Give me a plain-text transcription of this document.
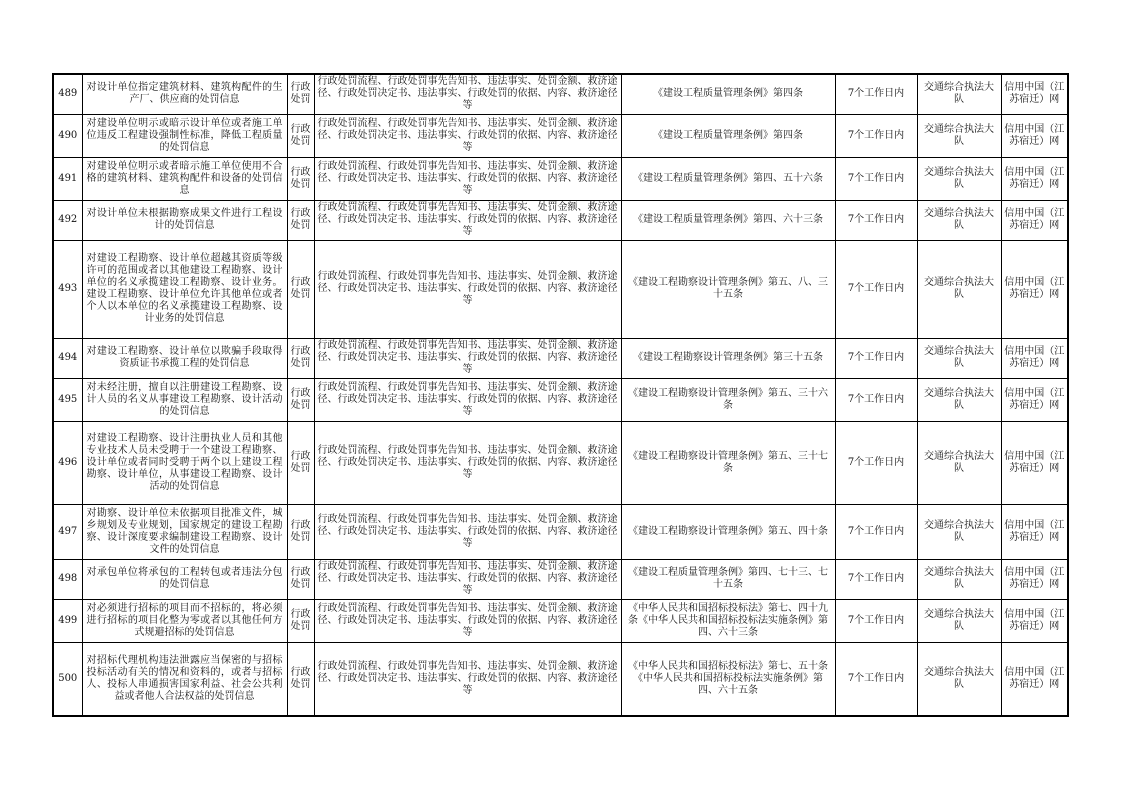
489	对设计单位指定建筑材料、建筑构配件的生产厂、供应商的处罚信息	行政处罚	行政处罚流程、行政处罚事先告知书、违法事实、处罚金额、救济途径、行政处罚决定书、违法事实、行政处罚的依据、内容、救济途径等	《建设工程质量管理条例》第四条	7个工作日内	交通综合执法大队	信用中国（江苏宿迁）网
490	对建设单位明示或暗示设计单位或者施工单位违反工程建设强制性标准，降低工程质量的处罚信息	行政处罚	行政处罚流程、行政处罚事先告知书、违法事实、处罚金额、救济途径、行政处罚决定书、违法事实、行政处罚的依据、内容、救济途径等	《建设工程质量管理条例》第四条	7个工作日内	交通综合执法大队	信用中国（江苏宿迁）网
491	对建设单位明示或者暗示施工单位使用不合格的建筑材料、建筑构配件和设备的处罚信息	行政处罚	行政处罚流程、行政处罚事先告知书、违法事实、处罚金额、救济途径、行政处罚决定书、违法事实、行政处罚的依据、内容、救济途径等	《建设工程质量管理条例》第四、五十六条	7个工作日内	交通综合执法大队	信用中国（江苏宿迁）网
492	对设计单位未根据勘察成果文件进行工程设计的处罚信息	行政处罚	行政处罚流程、行政处罚事先告知书、违法事实、处罚金额、救济途径、行政处罚决定书、违法事实、行政处罚的依据、内容、救济途径等	《建设工程质量管理条例》第四、六十三条	7个工作日内	交通综合执法大队	信用中国（江苏宿迁）网
493	对建设工程勘察、设计单位超越其资质等级许可的范围或者以其他建设工程勘察、设计单位的名义承揽建设工程勘察、设计业务。建设工程勘察、设计单位允许其他单位或者个人以本单位的名义承揽建设工程勘察、设计业务的处罚信息	行政处罚	行政处罚流程、行政处罚事先告知书、违法事实、处罚金额、救济途径、行政处罚决定书、违法事实、行政处罚的依据、内容、救济途径等	《建设工程勘察设计管理条例》第五、八、三十五条	7个工作日内	交通综合执法大队	信用中国（江苏宿迁）网
494	对建设工程勘察、设计单位以欺骗手段取得资质证书承揽工程的处罚信息	行政处罚	行政处罚流程、行政处罚事先告知书、违法事实、处罚金额、救济途径、行政处罚决定书、违法事实、行政处罚的依据、内容、救济途径等	《建设工程勘察设计管理条例》第三十五条	7个工作日内	交通综合执法大队	信用中国（江苏宿迁）网
495	对未经注册，擅自以注册建设工程勘察、设计人员的名义从事建设工程勘察、设计活动的处罚信息	行政处罚	行政处罚流程、行政处罚事先告知书、违法事实、处罚金额、救济途径、行政处罚决定书、违法事实、行政处罚的依据、内容、救济途径等	《建设工程勘察设计管理条例》第五、三十六条	7个工作日内	交通综合执法大队	信用中国（江苏宿迁）网
496	对建设工程勘察、设计注册执业人员和其他专业技术人员未受聘于一个建设工程勘察、设计单位或者同时受聘于两个以上建设工程勘察、设计单位，从事建设工程勘察、设计活动的处罚信息	行政处罚	行政处罚流程、行政处罚事先告知书、违法事实、处罚金额、救济途径、行政处罚决定书、违法事实、行政处罚的依据、内容、救济途径等	《建设工程勘察设计管理条例》第五、三十七条	7个工作日内	交通综合执法大队	信用中国（江苏宿迁）网
497	对勘察、设计单位未依据项目批准文件，城乡规划及专业规划，国家规定的建设工程勘察、设计深度要求编制建设工程勘察、设计文件的处罚信息	行政处罚	行政处罚流程、行政处罚事先告知书、违法事实、处罚金额、救济途径、行政处罚决定书、违法事实、行政处罚的依据、内容、救济途径等	《建设工程勘察设计管理条例》第五、四十条	7个工作日内	交通综合执法大队	信用中国（江苏宿迁）网
498	对承包单位将承包的工程转包或者违法分包的处罚信息	行政处罚	行政处罚流程、行政处罚事先告知书、违法事实、处罚金额、救济途径、行政处罚决定书、违法事实、行政处罚的依据、内容、救济途径等	《建设工程质量管理条例》第四、七十三、七十五条	7个工作日内	交通综合执法大队	信用中国（江苏宿迁）网
499	对必须进行招标的项目而不招标的，将必须进行招标的项目化整为零或者以其他任何方式规避招标的处罚信息	行政处罚	行政处罚流程、行政处罚事先告知书、违法事实、处罚金额、救济途径、行政处罚决定书、违法事实、行政处罚的依据、内容、救济途径等	《中华人民共和国招标投标法》第七、四十九条《中华人民共和国招标投标法实施条例》第四、六十三条	7个工作日内	交通综合执法大队	信用中国（江苏宿迁）网
500	对招标代理机构违法泄露应当保密的与招标投标活动有关的情况和资料的，或者与招标人、投标人串通损害国家利益、社会公共利益或者他人合法权益的处罚信息	行政处罚	行政处罚流程、行政处罚事先告知书、违法事实、处罚金额、救济途径、行政处罚决定书、违法事实、行政处罚的依据、内容、救济途径等	《中华人民共和国招标投标法》第七、五十条《中华人民共和国招标投标法实施条例》第四、六十五条	7个工作日内	交通综合执法大队	信用中国（江苏宿迁）网
